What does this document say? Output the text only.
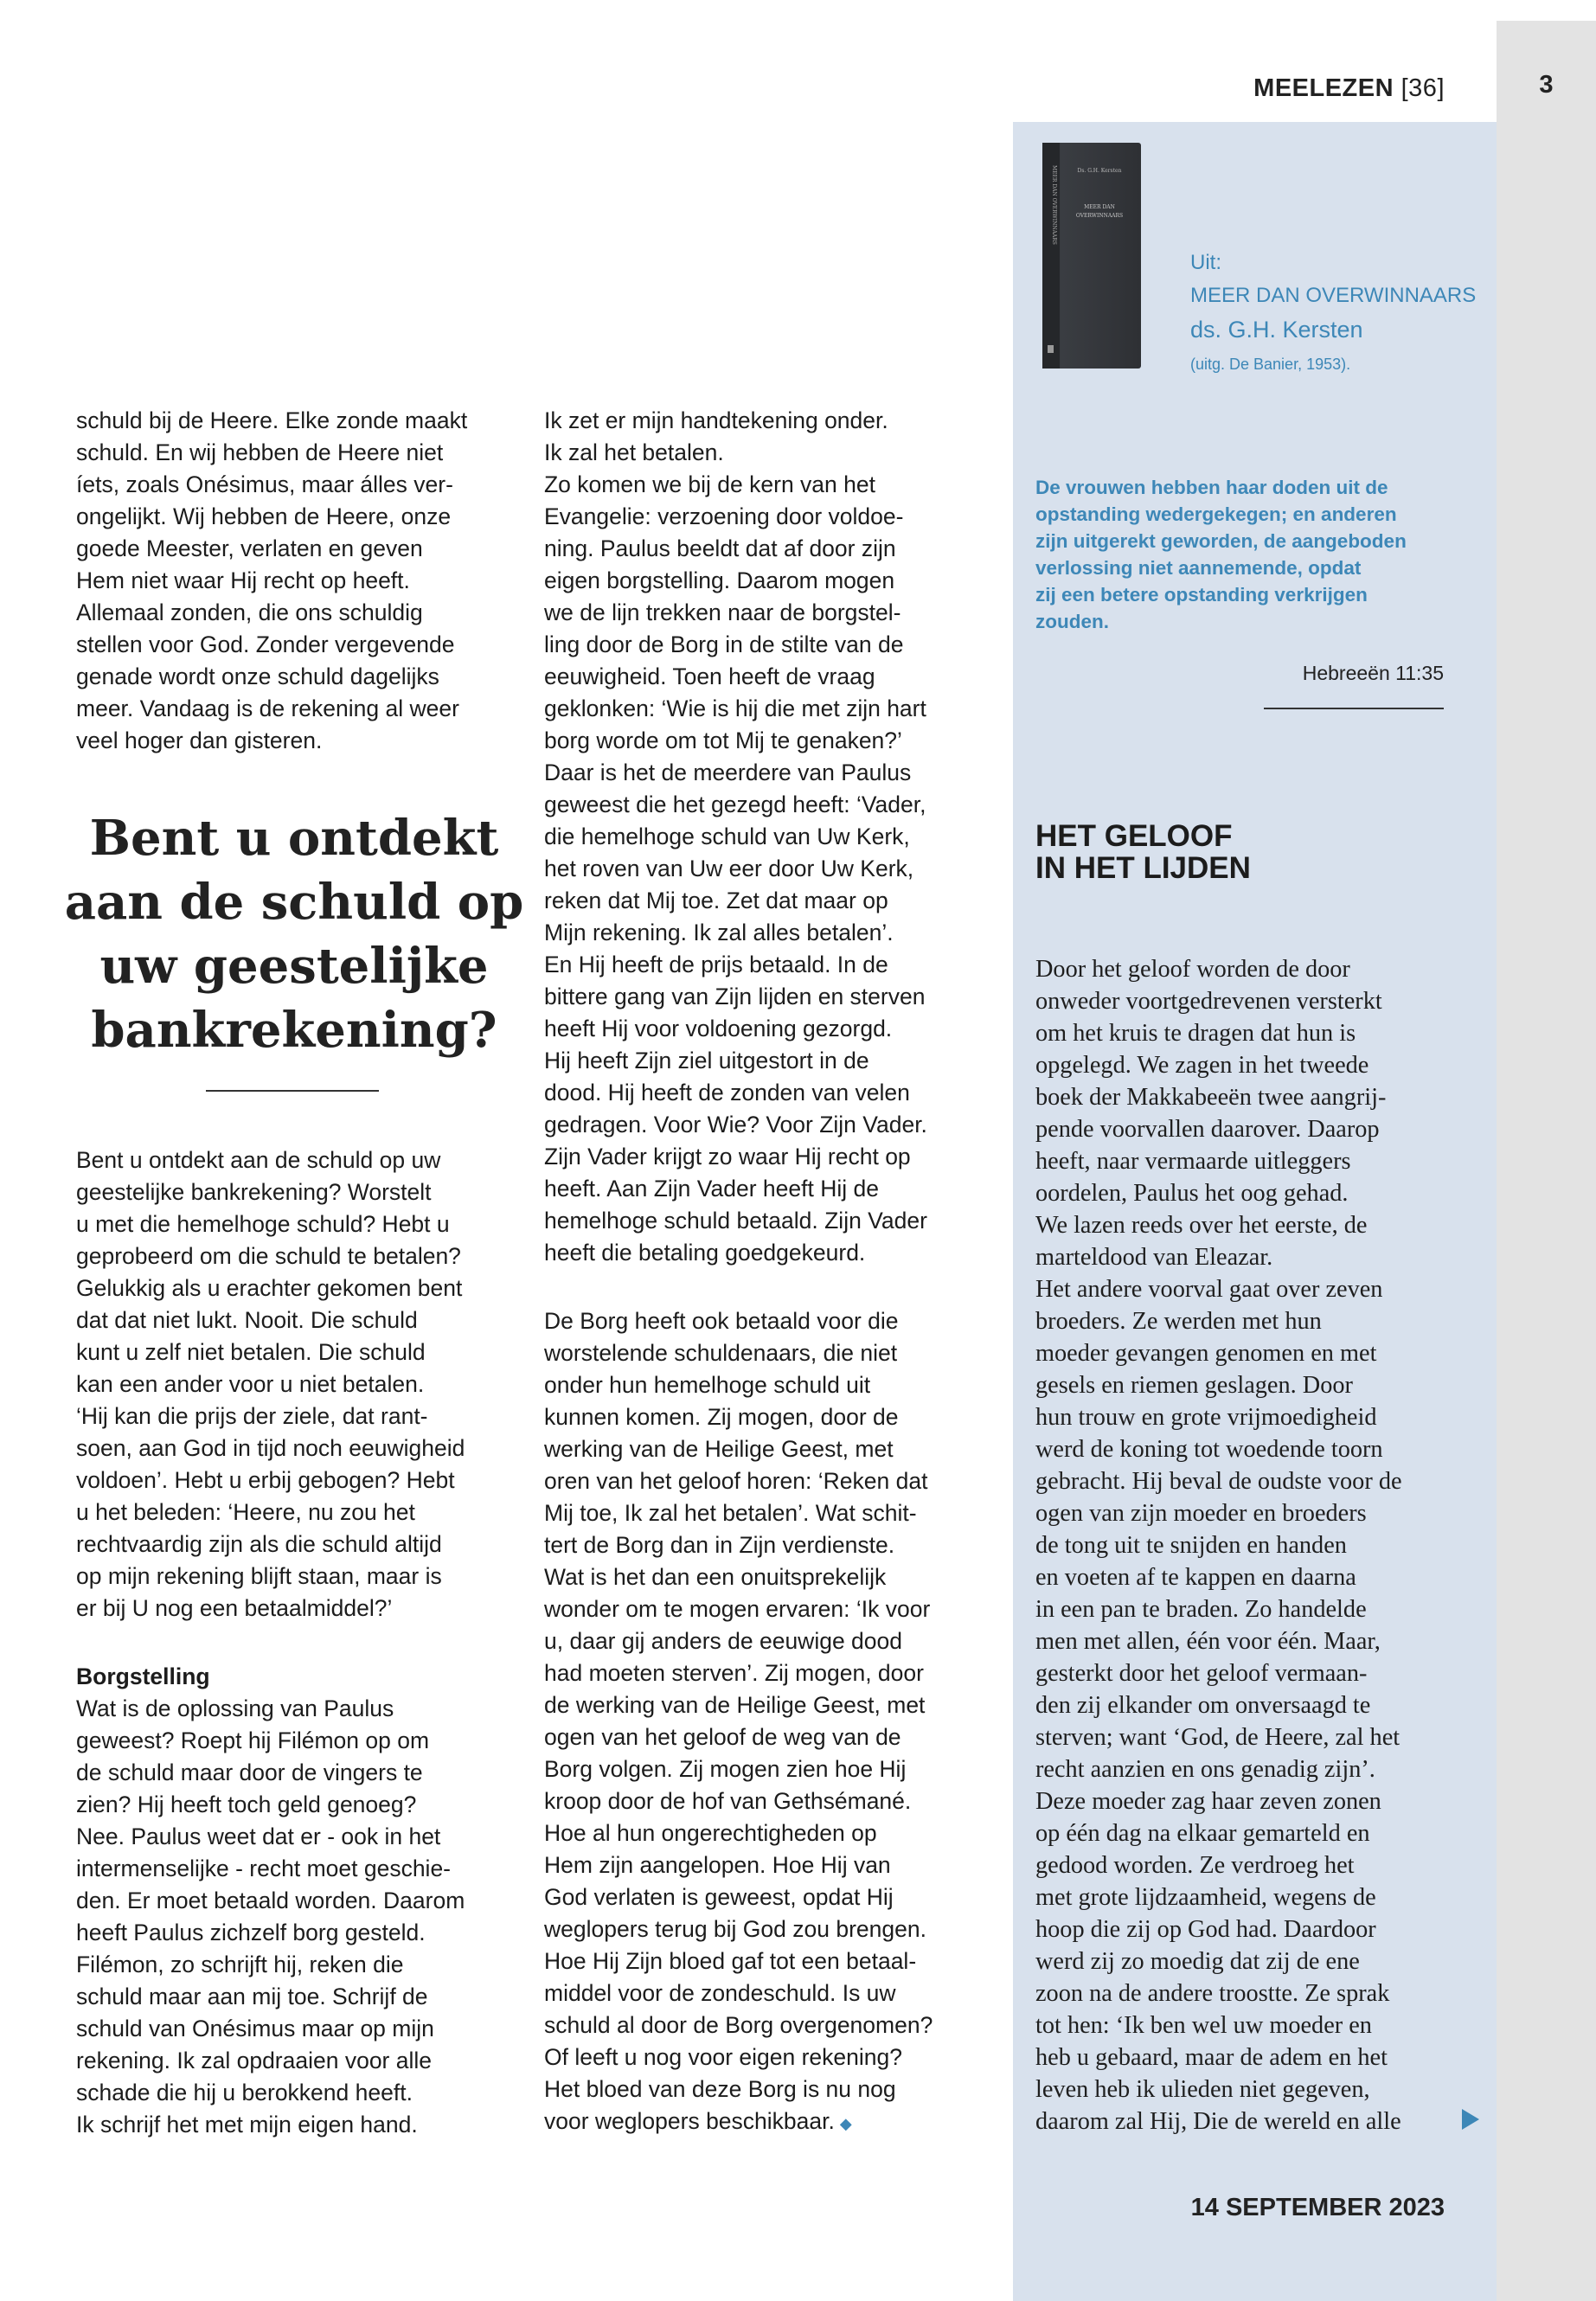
3
MEELEZEN [36]
Ds. G.H. Kersten
MEER DAN
OVERWINNAARS
MEER DAN OVERWINNAARS
Uit:
MEER DAN OVERWINNAARS
ds. G.H. Kersten
(uitg. De Banier, 1953).
De vrouwen hebben haar doden uit de
opstanding wedergekegen; en anderen
zijn uitgerekt geworden, de aangeboden
verlossing niet aannemende, opdat
zij een betere opstanding verkrijgen
zouden.
Hebreeën 11:35
HET GELOOF
IN HET LIJDEN
Door het geloof worden de door
onweder voortgedrevenen versterkt
om het kruis te dragen dat hun is
opgelegd. We zagen in het tweede
boek der Makkabeeën twee aangrij-
pende voorvallen daarover. Daarop
heeft, naar vermaarde uitleggers
oordelen, Paulus het oog gehad.
We lazen reeds over het eerste, de
marteldood van Eleazar.
Het andere voorval gaat over zeven
broeders. Ze werden met hun
moeder gevangen genomen en met
gesels en riemen geslagen. Door
hun trouw en grote vrijmoedigheid
werd de koning tot woedende toorn
gebracht. Hij beval de oudste voor de
ogen van zijn moeder en broeders
de tong uit te snijden en handen
en voeten af te kappen en daarna
in een pan te braden. Zo handelde
men met allen, één voor één. Maar,
gesterkt door het geloof vermaan-
den zij elkander om onversaagd te
sterven; want ‘God, de Heere, zal het
recht aanzien en ons genadig zijn’.
Deze moeder zag haar zeven zonen
op één dag na elkaar gemarteld en
gedood worden. Ze verdroeg het
met grote lijdzaamheid, wegens de
hoop die zij op God had. Daardoor
werd zij zo moedig dat zij de ene
zoon na de andere troostte. Ze sprak
tot hen: ‘Ik ben wel uw moeder en
heb u gebaard, maar de adem en het
leven heb ik ulieden niet gegeven,
daarom zal Hij, Die de wereld en alle
14 SEPTEMBER 2023
schuld bij de Heere. Elke zonde maakt
schuld. En wij hebben de Heere niet
íets, zoals Onésimus, maar álles ver-
ongelijkt. Wij hebben de Heere, onze
goede Meester, verlaten en geven
Hem niet waar Hij recht op heeft.
Allemaal zonden, die ons schuldig
stellen voor God. Zonder vergevende
genade wordt onze schuld dagelijks
meer. Vandaag is de rekening al weer
veel hoger dan gisteren.
Bent u ontdekt
aan de schuld op
uw geestelijke
bankrekening?
Bent u ontdekt aan de schuld op uw
geestelijke bankrekening? Worstelt
u met die hemelhoge schuld? Hebt u
geprobeerd om die schuld te betalen?
Gelukkig als u erachter gekomen bent
dat dat niet lukt. Nooit. Die schuld
kunt u zelf niet betalen. Die schuld
kan een ander voor u niet betalen.
‘Hij kan die prijs der ziele, dat rant-
soen, aan God in tijd noch eeuwigheid
voldoen’. Hebt u erbij gebogen? Hebt
u het beleden: ‘Heere, nu zou het
rechtvaardig zijn als die schuld altijd
op mijn rekening blijft staan, maar is
er bij U nog een betaalmiddel?’
Borgstelling
Wat is de oplossing van Paulus
geweest? Roept hij Filémon op om
de schuld maar door de vingers te
zien? Hij heeft toch geld genoeg?
Nee. Paulus weet dat er - ook in het
intermenselijke - recht moet geschie-
den. Er moet betaald worden. Daarom
heeft Paulus zichzelf borg gesteld.
Filémon, zo schrijft hij, reken die
schuld maar aan mij toe. Schrijf de
schuld van Onésimus maar op mijn
rekening. Ik zal opdraaien voor alle
schade die hij u berokkend heeft.
Ik schrijf het met mijn eigen hand.
Ik zet er mijn handtekening onder.
Ik zal het betalen.
Zo komen we bij de kern van het
Evangelie: verzoening door voldoe-
ning. Paulus beeldt dat af door zijn
eigen borgstelling. Daarom mogen
we de lijn trekken naar de borgstel-
ling door de Borg in de stilte van de
eeuwigheid. Toen heeft de vraag
geklonken: ‘Wie is hij die met zijn hart
borg worde om tot Mij te genaken?’
Daar is het de meerdere van Paulus
geweest die het gezegd heeft: ‘Vader,
die hemelhoge schuld van Uw Kerk,
het roven van Uw eer door Uw Kerk,
reken dat Mij toe. Zet dat maar op
Mijn rekening. Ik zal alles betalen’.
En Hij heeft de prijs betaald. In de
bittere gang van Zijn lijden en sterven
heeft Hij voor voldoening gezorgd.
Hij heeft Zijn ziel uitgestort in de
dood. Hij heeft de zonden van velen
gedragen. Voor Wie? Voor Zijn Vader.
Zijn Vader krijgt zo waar Hij recht op
heeft. Aan Zijn Vader heeft Hij de
hemelhoge schuld betaald. Zijn Vader
heeft die betaling goedgekeurd.
De Borg heeft ook betaald voor die
worstelende schuldenaars, die niet
onder hun hemelhoge schuld uit
kunnen komen. Zij mogen, door de
werking van de Heilige Geest, met
oren van het geloof horen: ‘Reken dat
Mij toe, Ik zal het betalen’. Wat schit-
tert de Borg dan in Zijn verdienste.
Wat is het dan een onuitsprekelijk
wonder om te mogen ervaren: ‘Ik voor
u, daar gij anders de eeuwige dood
had moeten sterven’. Zij mogen, door
de werking van de Heilige Geest, met
ogen van het geloof de weg van de
Borg volgen. Zij mogen zien hoe Hij
kroop door de hof van Gethsémané.
Hoe al hun ongerechtigheden op
Hem zijn aangelopen. Hoe Hij van
God verlaten is geweest, opdat Hij
weglopers terug bij God zou brengen.
Hoe Hij Zijn bloed gaf tot een betaal-
middel voor de zondeschuld. Is uw
schuld al door de Borg overgenomen?
Of leeft u nog voor eigen rekening?
Het bloed van deze Borg is nu nog
voor weglopers beschikbaar. ◆
